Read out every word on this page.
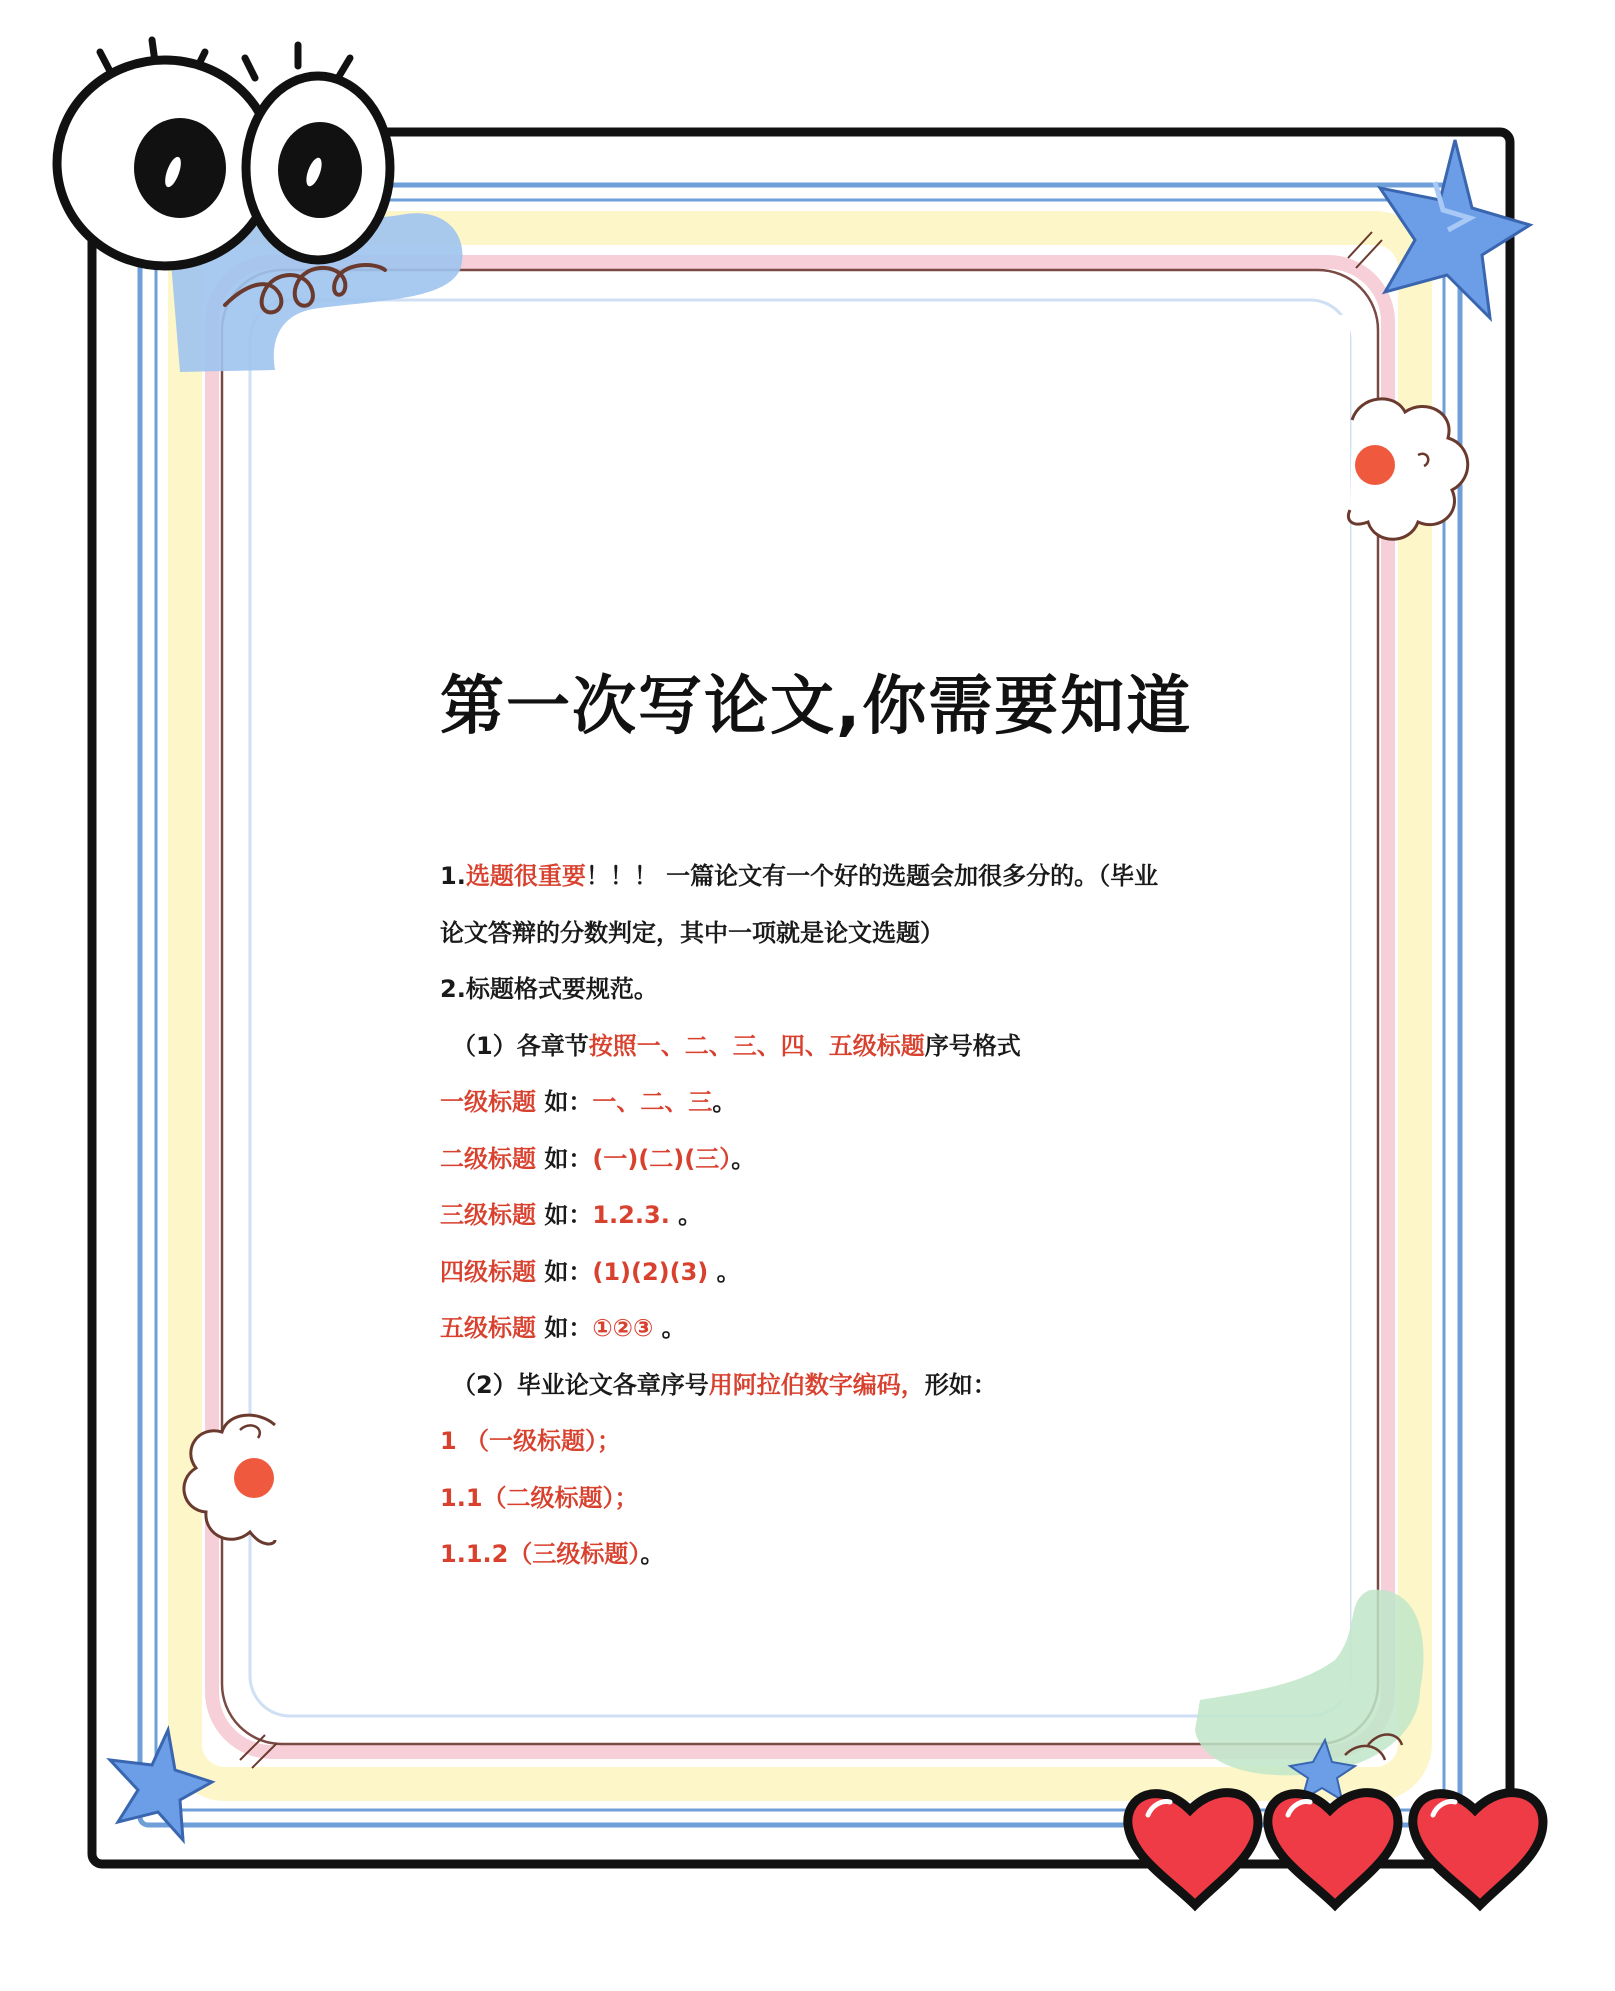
第一次写论文,你需要知道
1.选题很重要！！！ 一篇论文有一个好的选题会加很多分的。（毕业
论文答辩的分数判定，其中一项就是论文选题）
2.标题格式要规范。
（1）各章节按照一、二、三、四、五级标题序号格式
一级标题 如：一、二、三。
二级标题 如：(一)(二)(三）。
三级标题 如：1.2.3. 。
四级标题 如：(1)(2)(3) 。
五级标题 如：①②③ 。
（2）毕业论文各章序号用阿拉伯数字编码，形如：
1 （一级标题）；
1.1（二级标题）；
1.1.2（三级标题）。
